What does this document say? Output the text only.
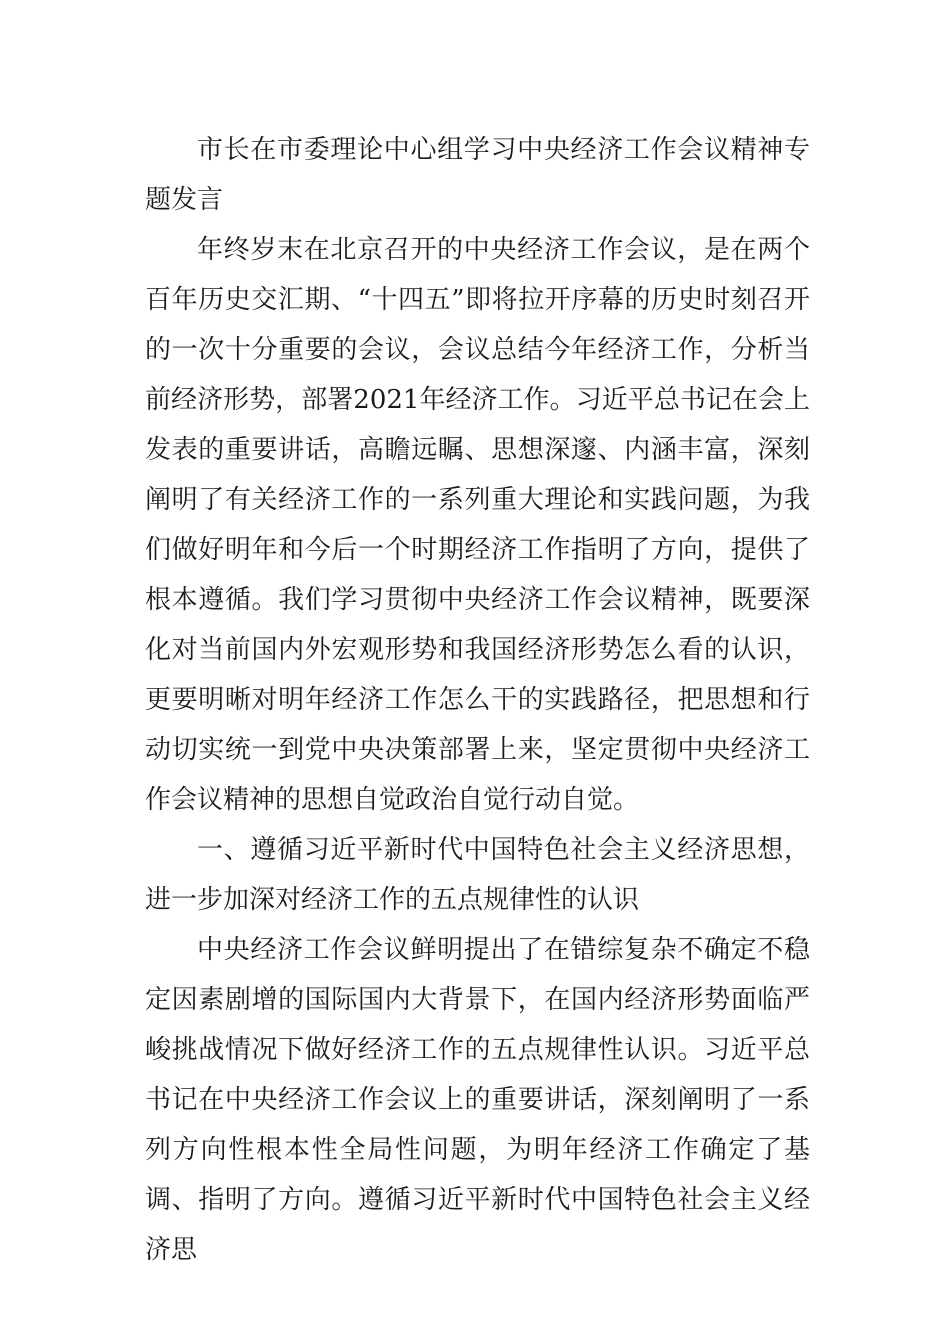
市长在市委理论中心组学习中央经济工作会议精神专题发言

年终岁末在北京召开的中央经济工作会议，是在两个百年历史交汇期、“十四五”即将拉开序幕的历史时刻召开的一次十分重要的会议，会议总结今年经济工作，分析当前经济形势，部署2021年经济工作。习近平总书记在会上发表的重要讲话，高瞻远瞩、思想深邃、内涵丰富，深刻阐明了有关经济工作的一系列重大理论和实践问题，为我们做好明年和今后一个时期经济工作指明了方向，提供了根本遵循。我们学习贯彻中央经济工作会议精神，既要深化对当前国内外宏观形势和我国经济形势怎么看的认识，更要明晰对明年经济工作怎么干的实践路径，把思想和行动切实统一到党中央决策部署上来，坚定贯彻中央经济工作会议精神的思想自觉政治自觉行动自觉。

一、遵循习近平新时代中国特色社会主义经济思想，进一步加深对经济工作的五点规律性的认识

中央经济工作会议鲜明提出了在错综复杂不确定不稳定因素剧增的国际国内大背景下，在国内经济形势面临严峻挑战情况下做好经济工作的五点规律性认识。习近平总书记在中央经济工作会议上的重要讲话，深刻阐明了一系列方向性根本性全局性问题，为明年经济工作确定了基调、指明了方向。遵循习近平新时代中国特色社会主义经济思
